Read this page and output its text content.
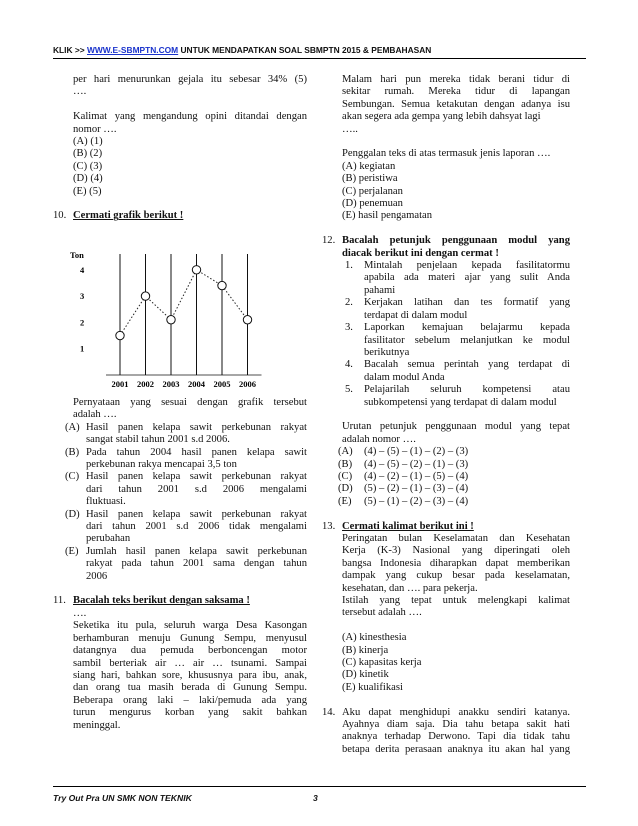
KLIK >> WWW.E-SBMPTN.COM UNTUK MENDAPATKAN SOAL SBMPTN 2015 & PEMBAHASAN

per hari menurunkan gejala itu sebesar 34% (5)

….

Kalimat yang mengandung opini ditandai dengan

nomor ….

(A) (1)

(B) (2)

(C) (3)

(D) (4)

(E) (5)

10. Cermati grafik berikut !
Ton
1
2
3
4
2001 2002 2003 2004 2005 2006

Pernyataan yang sesuai dengan grafik tersebut

adalah ….

(A) Hasil panen kelapa sawit perkebunan rakyat

sangat stabil tahun 2001 s.d 2006.

(B) Pada tahun 2004 hasil panen kelapa sawit

perkebunan rakya mencapai 3,5 ton

(C) Hasil panen kelapa sawit perkebunan rakyat

dari tahun 2001 s.d 2006 mengalami

fluktuasi.

(D) Hasil panen kelapa sawit perkebunan rakyat

dari tahun 2001 s.d 2006 tidak mengalami

perubahan

(E) Jumlah hasil panen kelapa sawit perkebunan

rakyat pada tahun 2001 sama dengan tahun

2006

11. Bacalah teks berikut dengan saksama !

….

Seketika itu pula, seluruh warga Desa Kasongan

berhamburan menuju Gunung Sempu, menyusul

datangnya dua pemuda berboncengan motor

sambil berteriak air … air … tsunami. Sampai

siang hari, bahkan sore, khususnya para ibu, anak,

dan orang tua masih berada di Gunung Sempu.

Beberapa orang laki – laki/pemuda ada yang

turun mengurus korban yang sakit bahkan

meninggal.

Malam hari pun mereka tidak berani tidur di

sekitar rumah. Mereka tidur di lapangan

Sembungan. Semua ketakutan dengan adanya isu

akan segera ada gempa yang lebih dahsyat lagi

…..

Penggalan teks di atas termasuk jenis laporan ….

(A) kegiatan

(B) peristiwa

(C) perjalanan

(D) penemuan

(E) hasil pengamatan

12. Bacalah petunjuk penggunaan modul yang

diacak berikut ini dengan cermat !

1. Mintalah penjelaan kepada fasilitatormu

apabila ada materi ajar yang sulit Anda

pahami

2. Kerjakan latihan dan tes formatif yang

terdapat di dalam modul

3. Laporkan kemajuan belajarmu kepada

fasilitator sebelum melanjutkan ke modul

berikutnya

4. Bacalah semua perintah yang terdapat di

dalam modul Anda

5. Pelajarilah seluruh kompetensi atau

subkompetensi yang terdapat di dalam modul

Urutan petunjuk penggunaan modul yang tepat

adalah nomor ….

(A) (4) – (5) – (1) – (2) – (3)

(B) (4) – (5) – (2) – (1) – (3)

(C) (4) – (2) – (1) – (5) – (4)

(D) (5) – (2) – (1) – (3) – (4)

(E) (5) – (1) – (2) – (3) – (4)

13. Cermati kalimat berikut ini !

Peringatan bulan Keselamatan dan Kesehatan

Kerja (K-3) Nasional yang diperingati oleh

bangsa Indonesia diharapkan dapat memberikan

dampak yang cukup besar pada keselamatan,

kesehatan, dan …. para pekerja.

Istilah yang tepat untuk melengkapi kalimat

tersebut adalah ….

(A) kinesthesia

(B) kinerja

(C) kapasitas kerja

(D) kinetik

(E) kualifikasi

14. Aku dapat menghidupi anakku sendiri katanya.

Ayahnya diam saja. Dia tahu betapa sakit hati

anaknya terhadap Derwono. Tapi dia tidak tahu

betapa derita perasaan anaknya itu akan hal yang

Try Out Pra UN SMK NON TEKNIK	3
